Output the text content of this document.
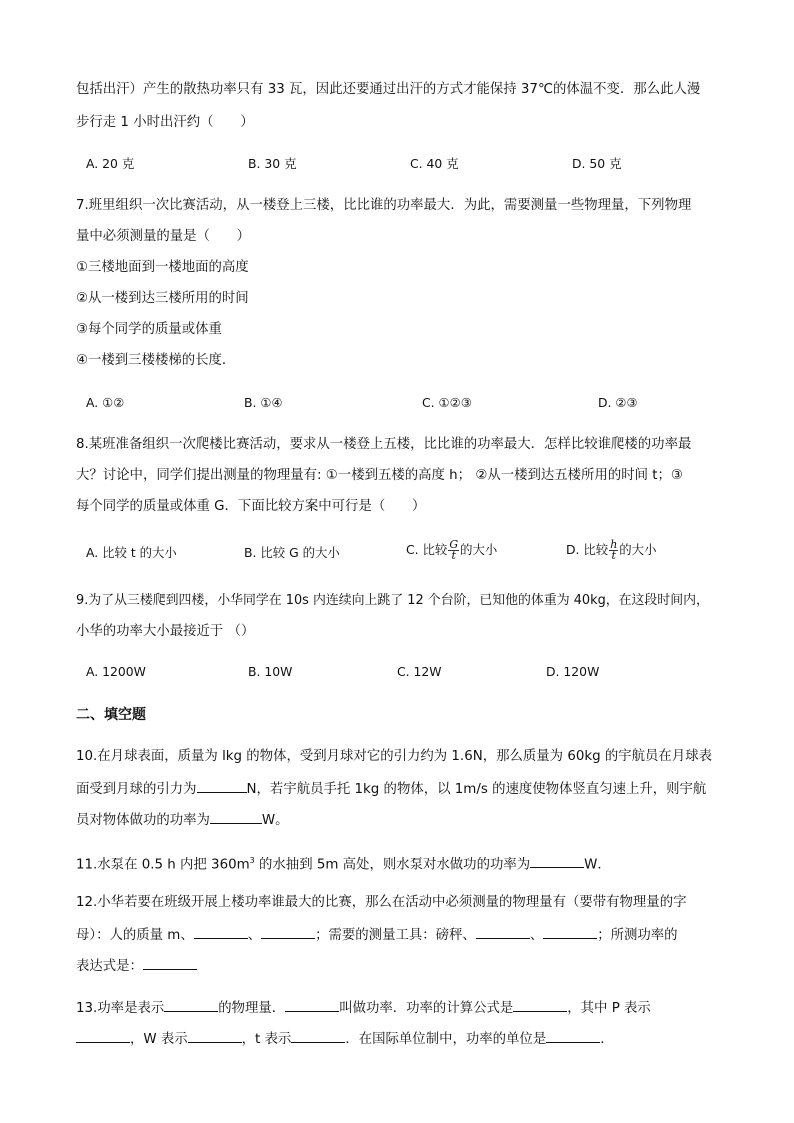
包括出汗）产生的散热功率只有 33 瓦，因此还要通过出汗的方式才能保持 37℃的体温不变．那么此人漫
步行走 1 小时出汗约（　　）
A. 20 克	B. 30 克	C. 40 克	D. 50 克
7.班里组织一次比赛活动，从一楼登上三楼，比比谁的功率最大．为此，需要测量一些物理量，下列物理
量中必须测量的量是（　　）
①三楼地面到一楼地面的高度
②从一楼到达三楼所用的时间
③每个同学的质量或体重
④一楼到三楼楼梯的长度．
A. ①②	B. ①④	C. ①②③	D. ②③
8.某班准备组织一次爬楼比赛活动，要求从一楼登上五楼，比比谁的功率最大．怎样比较谁爬楼的功率最
大？讨论中，同学们提出测量的物理量有: ①一楼到五楼的高度 h； ②从一楼到达五楼所用的时间 t；③
每个同学的质量或体重 G．下面比较方案中可行是（　　）
A. 比较 t 的大小	B. 比较 G 的大小	C. 比较 $\frac{G}{t}$ 的大小	D. 比较 $\frac{h}{t}$ 的大小
9.为了从三楼爬到四楼，小华同学在 10s 内连续向上跳了 12 个台阶，已知他的体重为 40kg，在这段时间内，
小华的功率大小最接近于 （）
A. 1200W	B. 10W	C. 12W	D. 120W
二、填空题
10.在月球表面，质量为 lkg 的物体，受到月球对它的引力约为 1.6N，那么质量为 60kg 的宇航员在月球表
面受到月球的引力为	N，若宇航员手托 1kg 的物体，以 1m/s 的速度使物体竖直匀速上升，则宇航
员对物体做功的功率为	W。
11.水泵在 0.5 h 内把 $360m^3$ 的水抽到 5m 高处，则水泵对水做功的功率为	W．
12.小华若要在班级开展上楼功率谁最大的比赛，那么在活动中必须测量的物理量有（要带有物理量的字
母）：人的质量 m、	、	；需要的测量工具：磅秤、	、	；所测功率的
表达式是：
13.功率是表示	的物理量．	叫做功率．功率的计算公式是	，其中 P 表示
，W 表示	，t 表示	．在国际单位制中，功率的单位是	．
